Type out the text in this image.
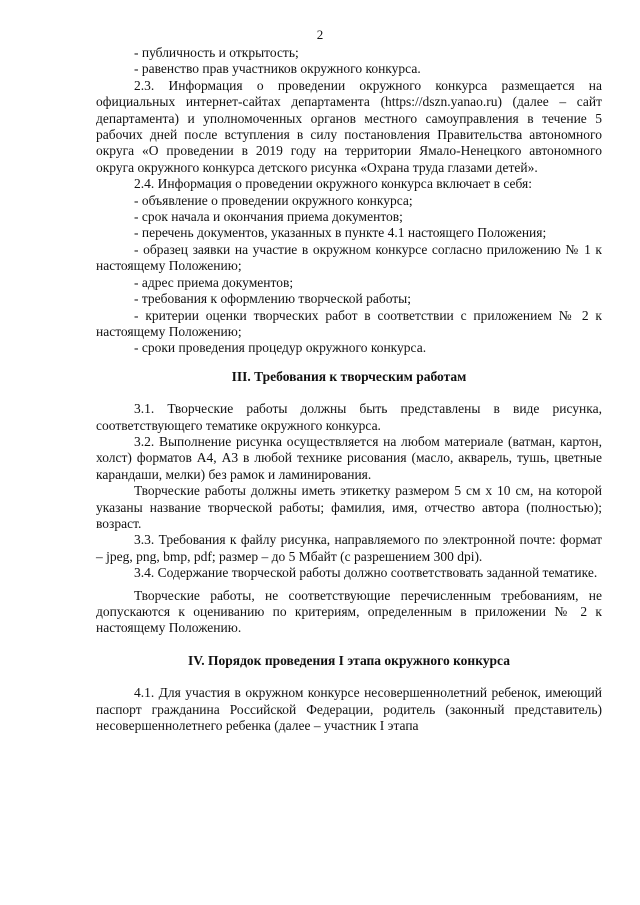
2

- публичность и открытость;

- равенство прав участников окружного конкурса.

2.3. Информация о проведении окружного конкурса размещается на официальных интернет-сайтах департамента (https://dszn.yanao.ru) (далее – сайт департамента) и уполномоченных органов местного самоуправления в течение 5 рабочих дней после вступления в силу постановления Правительства автономного округа «О проведении в 2019 году на территории Ямало-Ненецкого автономного округа окружного конкурса детского рисунка «Охрана труда глазами детей».

2.4. Информация о проведении окружного конкурса включает в себя:

- объявление о проведении окружного конкурса;

- срок начала и окончания приема документов;

- перечень документов, указанных в пункте 4.1 настоящего Положения;

- образец заявки на участие в окружном конкурсе согласно приложению № 1 к настоящему Положению;

- адрес приема документов;

- требования к оформлению творческой работы;

- критерии оценки творческих работ в соответствии с приложением № 2 к настоящему Положению;

- сроки проведения процедур окружного конкурса.

III. Требования к творческим работам

3.1. Творческие работы должны быть представлены в виде рисунка, соответствующего тематике окружного конкурса.

3.2. Выполнение рисунка осуществляется на любом материале (ватман, картон, холст) форматов А4, А3 в любой технике рисования (масло, акварель, тушь, цветные карандаши, мелки) без рамок и ламинирования.

Творческие работы должны иметь этикетку размером 5 см х 10 см, на которой указаны название творческой работы; фамилия, имя, отчество автора (полностью); возраст.

3.3. Требования к файлу рисунка, направляемого по электронной почте: формат – jpeg, png, bmp, pdf; размер – до 5 Мбайт (с разрешением 300 dpi).

3.4. Содержание творческой работы должно соответствовать заданной тематике.

Творческие работы, не соответствующие перечисленным требованиям, не допускаются к оцениванию по критериям, определенным в приложении № 2 к настоящему Положению.

IV. Порядок проведения I этапа окружного конкурса

4.1. Для участия в окружном конкурсе несовершеннолетний ребенок, имеющий паспорт гражданина Российской Федерации, родитель (законный представитель) несовершеннолетнего ребенка (далее – участник I этапа
